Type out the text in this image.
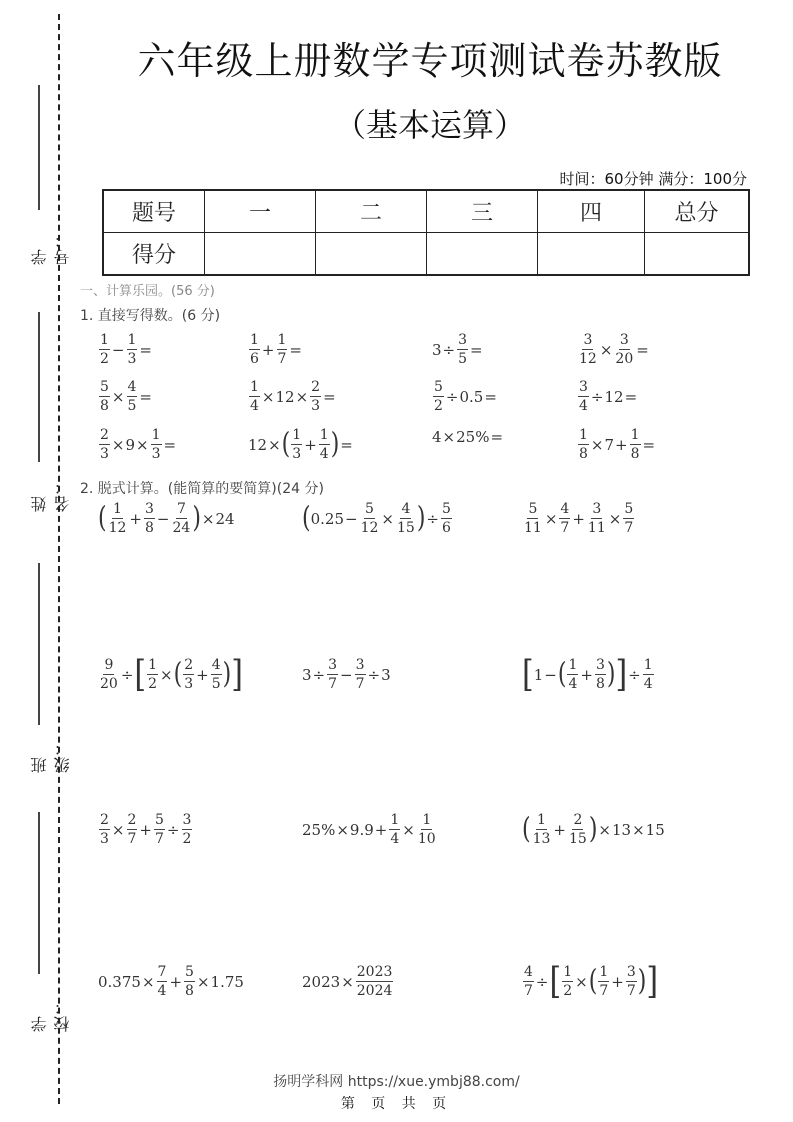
学号：
姓名：
班级：
学校：
六年级上册数学专项测试卷苏教版
（基本运算）
时间：60分钟 满分：100分
题号	一	二	三	四	总分
得分					
一、计算乐园。(56 分)
1. 直接写得数。(6 分)
$\frac{1}{2} - \frac{1}{3}$ =	$\frac{1}{6} + \frac{1}{7}$ =	$3 \div \frac{3}{5}$ =	$\frac{3}{12} \times \frac{3}{20}$ =
$\frac{5}{8} \times \frac{4}{5}$ =	$\frac{1}{4} \times 12 \times \frac{2}{3}$ =	$\frac{5}{2} \div 0.5$ =	$\frac{3}{4} \div 12$ =
$\frac{2}{3} \times 9 \times \frac{1}{3}$ =	12 × ( $\frac{1}{3} + \frac{1}{4}$ ) =	4 × 25% =	$\frac{1}{8} \times 7 + \frac{1}{8}$ =
2. 脱式计算。(能简算的要简算)(24 分)
( $\frac{1}{12} + \frac{3}{8} - \frac{7}{24}$ ) × 24	( $0.25 - \frac{5}{12} \times \frac{4}{15}$ ) ÷ $\frac{5}{6}$	$\frac{5}{11} \times \frac{4}{7} + \frac{3}{11} \times \frac{5}{7}$
$\frac{9}{20}$ ÷ [ $\frac{1}{2}$ × ( $\frac{2}{3} + \frac{4}{5}$ ) ]	$3 \div \frac{3}{7} - \frac{3}{7} \div 3$	[ 1 − ( $\frac{1}{4} + \frac{3}{8}$ ) ] ÷ $\frac{1}{4}$
$\frac{2}{3} \times \frac{2}{7} + \frac{5}{7} \div \frac{3}{2}$	$25\% \times 9.9 + \frac{1}{4} \times \frac{1}{10}$	( $\frac{1}{13} + \frac{2}{15}$ ) × 13 × 15
$0.375 \times \frac{7}{4} + \frac{5}{8} \times 1.75$	$2023 \times \frac{2023}{2024}$	$\frac{4}{7}$ ÷ [ $\frac{1}{2}$ × ( $\frac{1}{7} + \frac{3}{7}$ ) ]
扬明学科网 https://xue.ymbj88.com/
第 页 共 页
